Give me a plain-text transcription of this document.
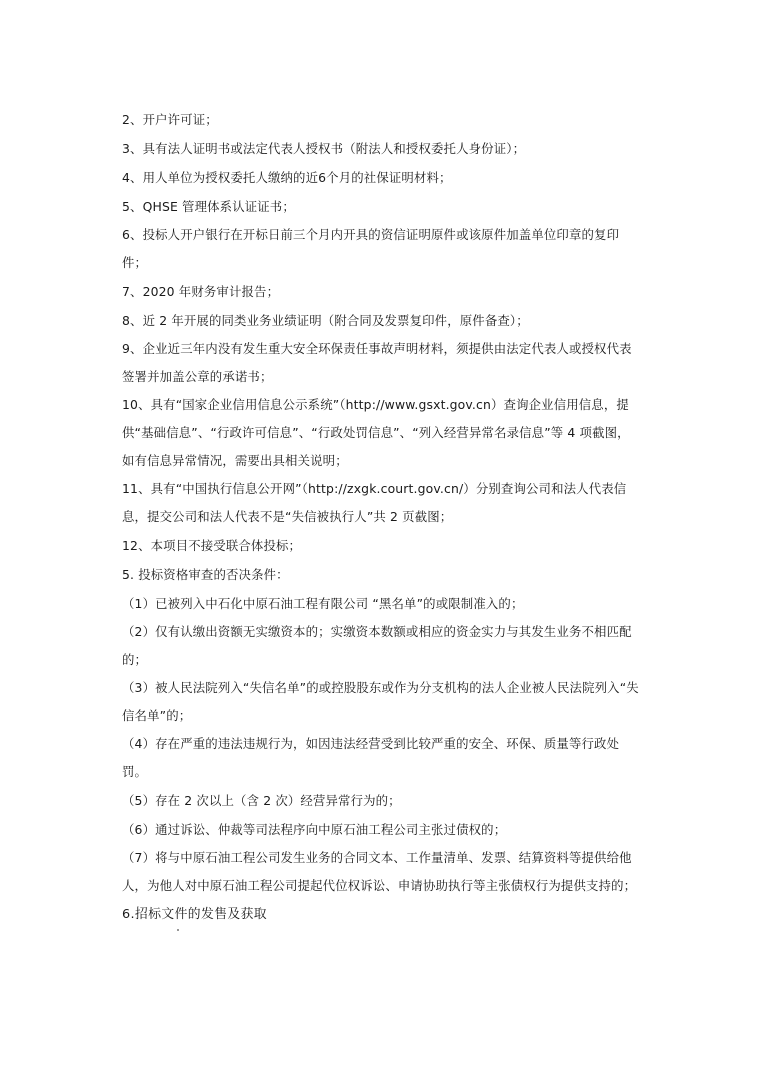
2、开户许可证；
3、具有法人证明书或法定代表人授权书（附法人和授权委托人身份证）；
4、用人单位为授权委托人缴纳的近6个月的社保证明材料；
5、QHSE 管理体系认证证书；
6、投标人开户银行在开标日前三个月内开具的资信证明原件或该原件加盖单位印章的复印件；
7、2020 年财务审计报告；
8、近 2 年开展的同类业务业绩证明（附合同及发票复印件，原件备查）；
9、企业近三年内没有发生重大安全环保责任事故声明材料，须提供由法定代表人或授权代表签署并加盖公章的承诺书；
10、具有“国家企业信用信息公示系统”（http://www.gsxt.gov.cn）查询企业信用信息，提供“基础信息”、“行政许可信息”、“行政处罚信息”、“列入经营异常名录信息”等 4 项截图，如有信息异常情况，需要出具相关说明；
11、具有“中国执行信息公开网”（http://zxgk.court.gov.cn/）分别查询公司和法人代表信息，提交公司和法人代表不是“失信被执行人”共 2 页截图；
12、本项目不接受联合体投标；
5. 投标资格审查的否决条件：
（1）已被列入中石化中原石油工程有限公司 “黑名单”的或限制准入的；
（2）仅有认缴出资额无实缴资本的；实缴资本数额或相应的资金实力与其发生业务不相匹配的；
（3）被人民法院列入“失信名单”的或控股股东或作为分支机构的法人企业被人民法院列入“失信名单”的；
（4）存在严重的违法违规行为，如因违法经营受到比较严重的安全、环保、质量等行政处罚。
（5）存在 2 次以上（含 2 次）经营异常行为的；
（6）通过诉讼、仲裁等司法程序向中原石油工程公司主张过债权的；
（7）将与中原石油工程公司发生业务的合同文本、工作量清单、发票、结算资料等提供给他人，为他人对中原石油工程公司提起代位权诉讼、申请协助执行等主张债权行为提供支持的；
6.招标文件的发售及获取
